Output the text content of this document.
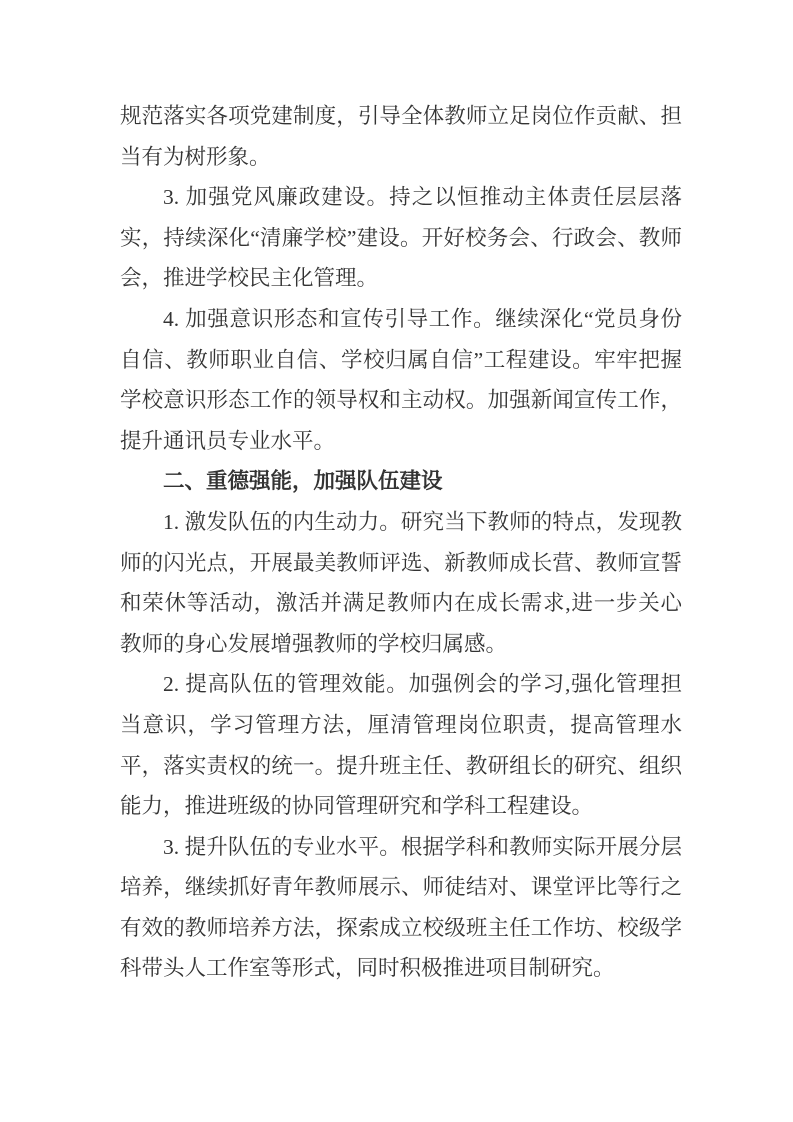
规范落实各项党建制度，引导全体教师立足岗位作贡献、担当有为树形象。

3. 加强党风廉政建设。持之以恒推动主体责任层层落实，持续深化“清廉学校”建设。开好校务会、行政会、教师会，推进学校民主化管理。

4. 加强意识形态和宣传引导工作。继续深化“党员身份自信、教师职业自信、学校归属自信”工程建设。牢牢把握学校意识形态工作的领导权和主动权。加强新闻宣传工作，提升通讯员专业水平。

二、重德强能，加强队伍建设

1. 激发队伍的内生动力。研究当下教师的特点，发现教师的闪光点，开展最美教师评选、新教师成长营、教师宣誓和荣休等活动，激活并满足教师内在成长需求,进一步关心教师的身心发展增强教师的学校归属感。

2. 提高队伍的管理效能。加强例会的学习,强化管理担当意识，学习管理方法，厘清管理岗位职责，提高管理水平，落实责权的统一。提升班主任、教研组长的研究、组织能力，推进班级的协同管理研究和学科工程建设。

3. 提升队伍的专业水平。根据学科和教师实际开展分层培养，继续抓好青年教师展示、师徒结对、课堂评比等行之有效的教师培养方法，探索成立校级班主任工作坊、校级学科带头人工作室等形式，同时积极推进项目制研究。
